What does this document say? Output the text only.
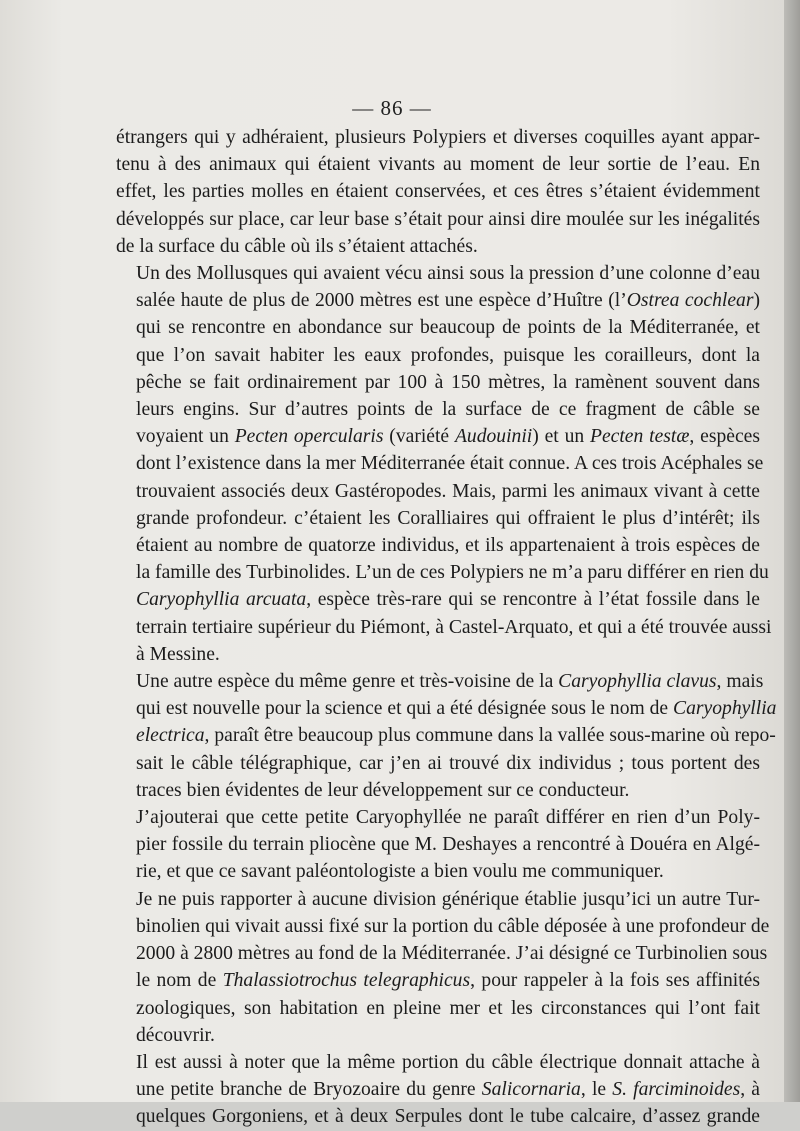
— 86 —

étrangers qui y adhéraient, plusieurs Polypiers et diverses coquilles ayant appar-
tenu à des animaux qui étaient vivants au moment de leur sortie de l’eau. En
effet, les parties molles en étaient conservées, et ces êtres s’étaient évidemment
développés sur place, car leur base s’était pour ainsi dire moulée sur les inégalités
de la surface du câble où ils s’étaient attachés.

Un des Mollusques qui avaient vécu ainsi sous la pression d’une colonne d’eau
salée haute de plus de 2000 mètres est une espèce d’Huître (l’Ostrea cochlear)
qui se rencontre en abondance sur beaucoup de points de la Méditerranée, et
que l’on savait habiter les eaux profondes, puisque les corailleurs, dont la
pêche se fait ordinairement par 100 à 150 mètres, la ramènent souvent dans
leurs engins. Sur d’autres points de la surface de ce fragment de câble se
voyaient un Pecten opercularis (variété Audouinii) et un Pecten testæ, espèces
dont l’existence dans la mer Méditerranée était connue. A ces trois Acéphales se
trouvaient associés deux Gastéropodes. Mais, parmi les animaux vivant à cette
grande profondeur. c’étaient les Coralliaires qui offraient le plus d’intérêt; ils
étaient au nombre de quatorze individus, et ils appartenaient à trois espèces de
la famille des Turbinolides. L’un de ces Polypiers ne m’a paru différer en rien du
Caryophyllia arcuata, espèce très-rare qui se rencontre à l’état fossile dans le
terrain tertiaire supérieur du Piémont, à Castel-Arquato, et qui a été trouvée aussi
à Messine.

Une autre espèce du même genre et très-voisine de la Caryophyllia clavus, mais
qui est nouvelle pour la science et qui a été désignée sous le nom de Caryophyllia
electrica, paraît être beaucoup plus commune dans la vallée sous-marine où repo-
sait le câble télégraphique, car j’en ai trouvé dix individus ; tous portent des
traces bien évidentes de leur développement sur ce conducteur.

J’ajouterai que cette petite Caryophyllée ne paraît différer en rien d’un Poly-
pier fossile du terrain pliocène que M. Deshayes a rencontré à Douéra en Algé-
rie, et que ce savant paléontologiste a bien voulu me communiquer.

Je ne puis rapporter à aucune division générique établie jusqu’ici un autre Tur-
binolien qui vivait aussi fixé sur la portion du câble déposée à une profondeur de
2000 à 2800 mètres au fond de la Méditerranée. J’ai désigné ce Turbinolien sous
le nom de Thalassiotrochus telegraphicus, pour rappeler à la fois ses affinités
zoologiques, son habitation en pleine mer et les circonstances qui l’ont fait
découvrir.

Il est aussi à noter que la même portion du câble électrique donnait attache à
une petite branche de Bryozoaire du genre Salicornaria, le S. farciminoides, à
quelques Gorgoniens, et à deux Serpules dont le tube calcaire, d’assez grande
